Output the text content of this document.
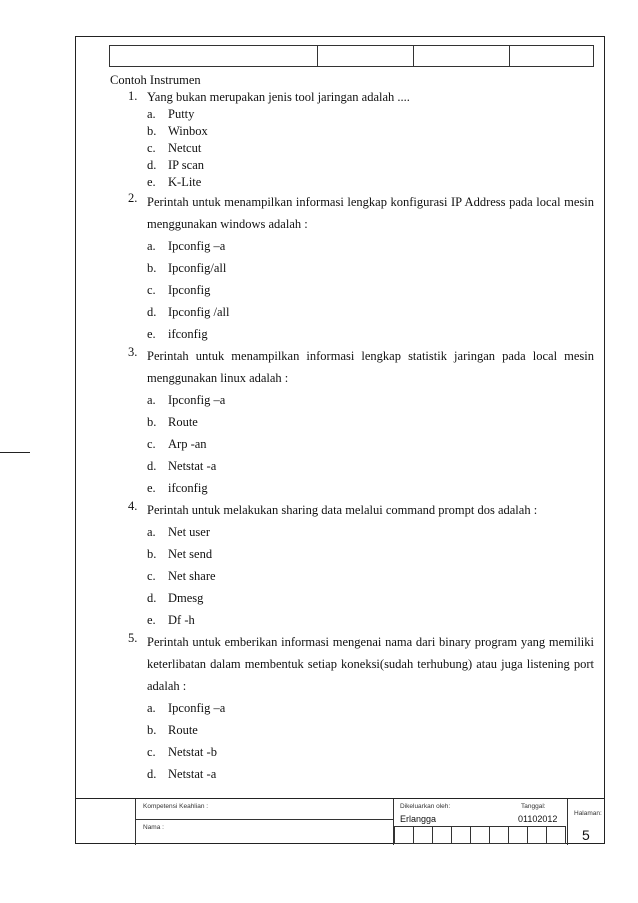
Contoh Instrumen
1. Yang bukan merupakan jenis tool jaringan adalah ....
a. Putty
b. Winbox
c. Netcut
d. IP scan
e. K-Lite
2. Perintah untuk menampilkan informasi lengkap konfigurasi IP Address pada local mesin menggunakan windows adalah :
a. Ipconfig –a
b. Ipconfig/all
c. Ipconfig
d. Ipconfig /all
e. ifconfig
3. Perintah untuk menampilkan informasi lengkap statistik jaringan pada local mesin menggunakan linux adalah :
a. Ipconfig –a
b. Route
c. Arp -an
d. Netstat -a
e. ifconfig
4. Perintah untuk melakukan sharing data melalui command prompt dos adalah :
a. Net user
b. Net send
c. Net share
d. Dmesg
e. Df -h
5. Perintah untuk emberikan informasi mengenai nama dari binary program yang memiliki keterlibatan dalam membentuk setiap koneksi(sudah terhubung) atau juga listening port adalah :
a. Ipconfig –a
b. Route
c. Netstat -b
d. Netstat -a
Kompetensi Keahlian :
Nama :
Dikeluarkan oleh:
Erlangga
Tanggal:
01102012
Halaman:
5
